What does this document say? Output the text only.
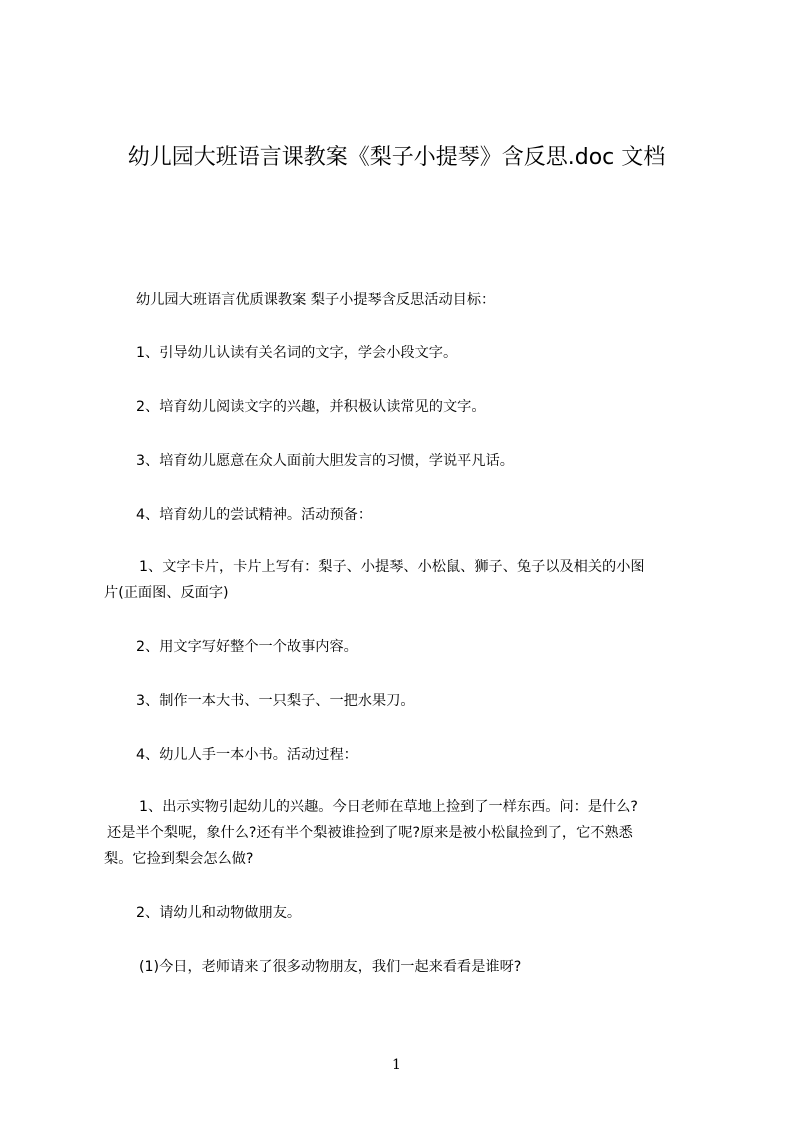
幼儿园大班语言课教案《梨子小提琴》含反思.doc 文档
幼儿园大班语言优质课教案 梨子小提琴含反思活动目标：
1、引导幼儿认读有关名词的文字，学会小段文字。
2、培育幼儿阅读文字的兴趣，并积极认读常见的文字。
3、培育幼儿愿意在众人面前大胆发言的习惯，学说平凡话。
4、培育幼儿的尝试精神。活动预备：
1、文字卡片，卡片上写有：梨子、小提琴、小松鼠、狮子、兔子以及相关的小图
片(正面图、反面字)
2、用文字写好整个一个故事内容。
3、制作一本大书、一只梨子、一把水果刀。
4、幼儿人手一本小书。活动过程：
1、出示实物引起幼儿的兴趣。今日老师在草地上捡到了一样东西。问：是什么?
还是半个梨呢，象什么?还有半个梨被谁捡到了呢?原来是被小松鼠捡到了，它不熟悉
梨。它捡到梨会怎么做?
2、请幼儿和动物做朋友。
(1)今日，老师请来了很多动物朋友，我们一起来看看是谁呀?
1
